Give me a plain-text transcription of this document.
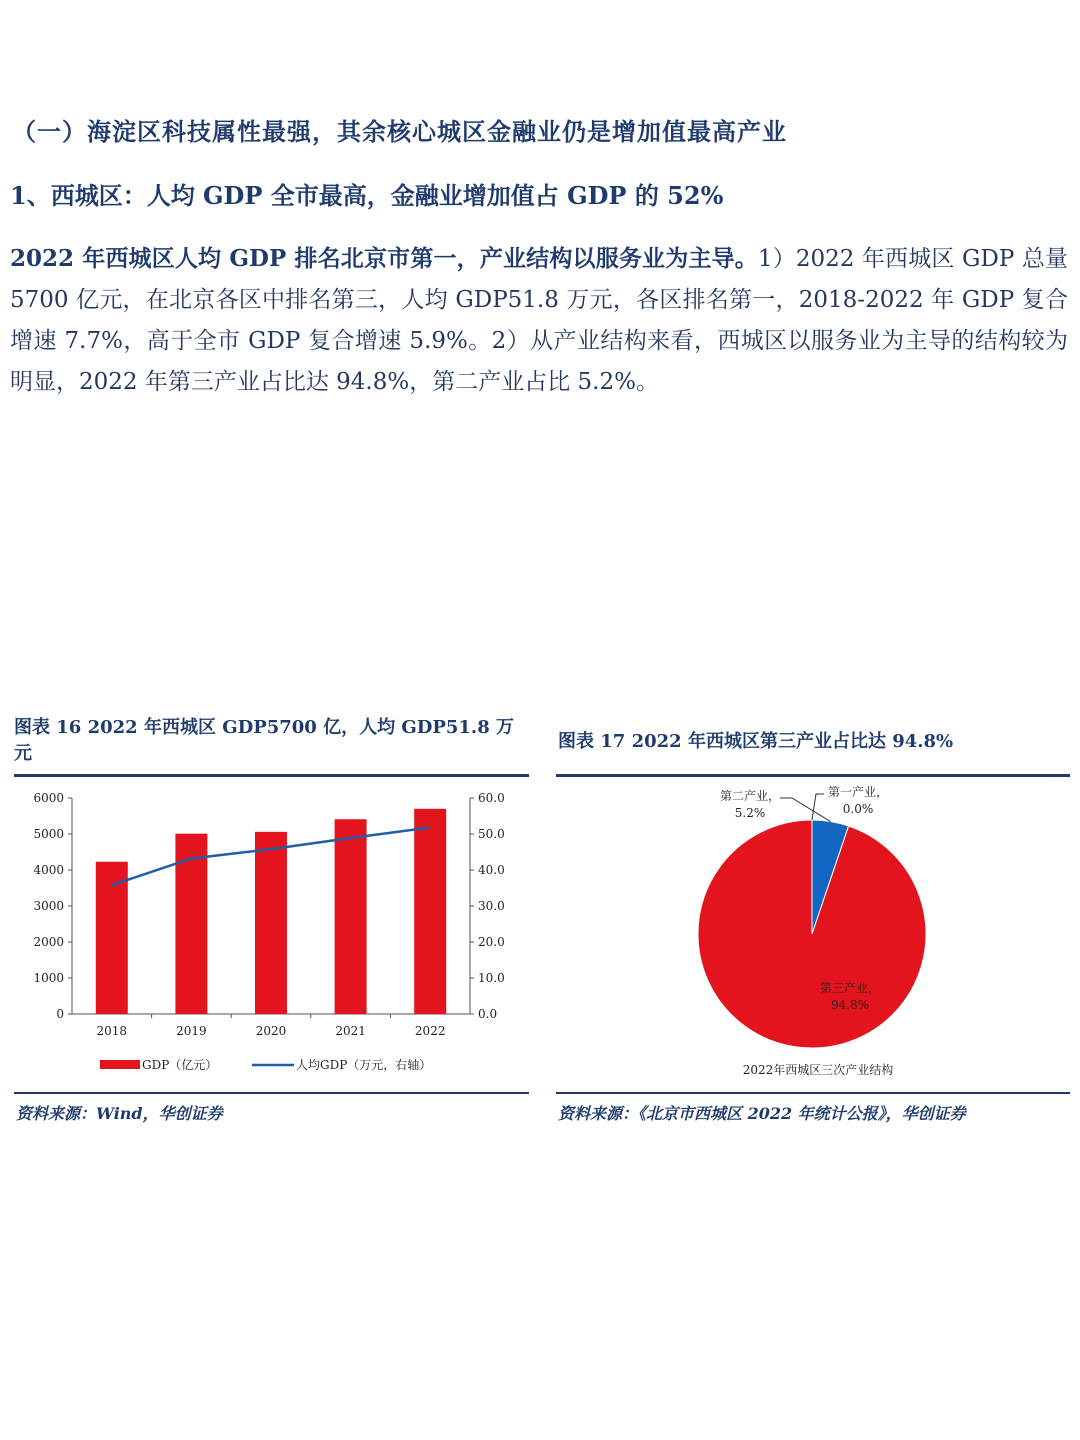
（一）海淀区科技属性最强，其余核心城区金融业仍是增加值最高产业
1、西城区：人均 GDP 全市最高，金融业增加值占 GDP 的 52%
2022 年西城区人均 GDP 排名北京市第一，产业结构以服务业为主导。1）2022 年西城区 GDP 总量 5700 亿元，在北京各区中排名第三，人均 GDP51.8 万元，各区排名第一，2018-2022 年 GDP 复合增速 7.7%，高于全市 GDP 复合增速 5.9%。2）从产业结构来看，西城区以服务业为主导的结构较为明显，2022 年第三产业占比达 94.8%，第二产业占比 5.2%。
图表 16 2022 年西城区 GDP5700 亿，人均 GDP51.8 万元
0
1000
2000
3000
4000
5000
6000
0.0
10.0
20.0
30.0
40.0
50.0
60.0
2018	2019	2020	2021	2022
GDP（亿元）	人均GDP（万元，右轴）
资料来源：Wind，华创证券
图表 17 2022 年西城区第三产业占比达 94.8%
第二产业，
5.2%
第一产业，
0.0%
第三产业，
94.8%
2022年西城区三次产业结构
资料来源：《北京市西城区 2022 年统计公报》，华创证券
